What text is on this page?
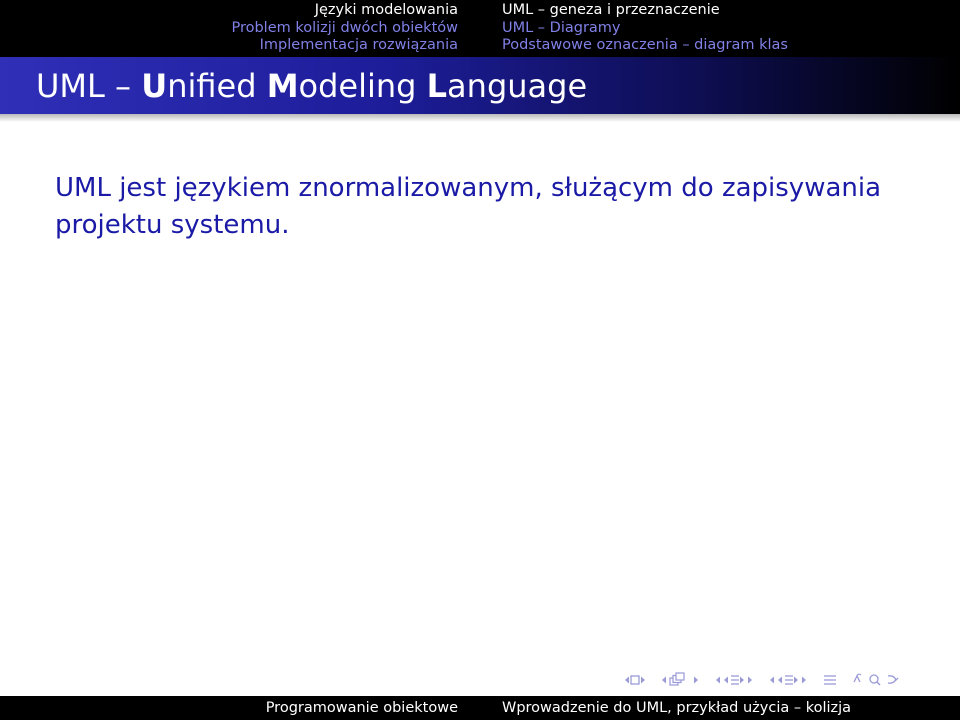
Języki modelowania
Problem kolizji dwóch obiektów
Implementacja rozwiązania
UML – geneza i przeznaczenie
UML – Diagramy
Podstawowe oznaczenia – diagram klas
UML – Unified Modeling Language
UML jest językiem znormalizowanym, służącym do zapisywania projektu systemu.
Programowanie obiektowe	Wprowadzenie do UML, przykład użycia – kolizja
